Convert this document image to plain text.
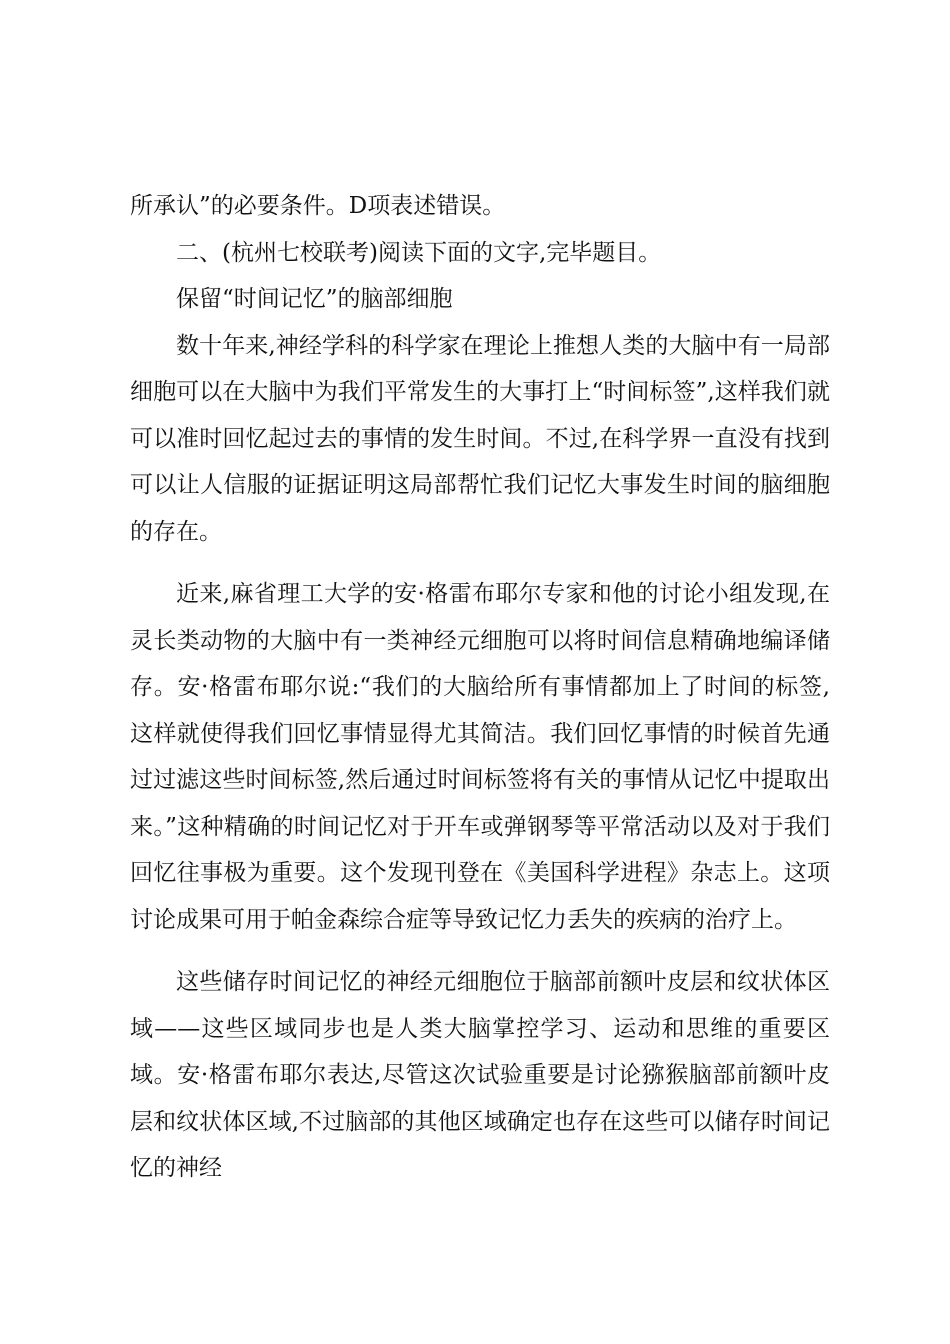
所承认”的必要条件。D项表述错误。

二、(杭州七校联考)阅读下面的文字,完毕题目。

保留“时间记忆”的脑部细胞

数十年来,神经学科的科学家在理论上推想人类的大脑中有一局部细胞可以在大脑中为我们平常发生的大事打上“时间标签”,这样我们就可以准时回忆起过去的事情的发生时间。不过,在科学界一直没有找到可以让人信服的证据证明这局部帮忙我们记忆大事发生时间的脑细胞的存在。

近来,麻省理工大学的安·格雷布耶尔专家和他的讨论小组发现,在灵长类动物的大脑中有一类神经元细胞可以将时间信息精确地编译储存。安·格雷布耶尔说:“我们的大脑给所有事情都加上了时间的标签,这样就使得我们回忆事情显得尤其简洁。我们回忆事情的时候首先通过过滤这些时间标签,然后通过时间标签将有关的事情从记忆中提取出来。”这种精确的时间记忆对于开车或弹钢琴等平常活动以及对于我们回忆往事极为重要。这个发现刊登在《美国科学进程》杂志上。这项讨论成果可用于帕金森综合症等导致记忆力丢失的疾病的治疗上。

这些储存时间记忆的神经元细胞位于脑部前额叶皮层和纹状体区域——这些区域同步也是人类大脑掌控学习、运动和思维的重要区域。安·格雷布耶尔表达,尽管这次试验重要是讨论猕猴脑部前额叶皮层和纹状体区域,不过脑部的其他区域确定也存在这些可以储存时间记忆的神经
